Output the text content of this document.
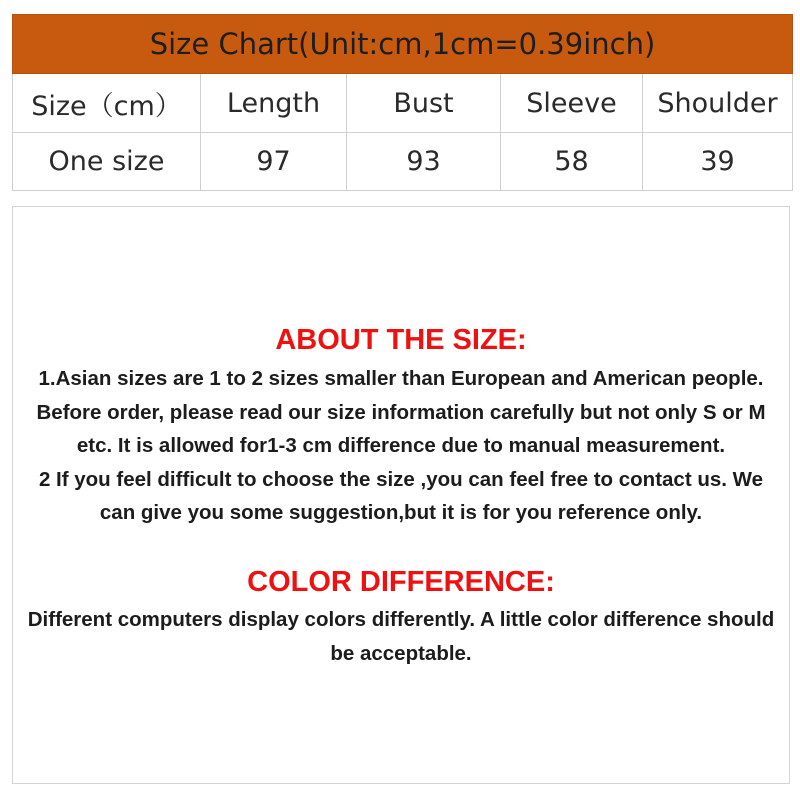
Size Chart(Unit:cm,1cm=0.39inch)				
Size（cm）	Length	Bust	Sleeve	Shoulder
One size	97	93	58	39
ABOUT THE SIZE:
1.Asian sizes are 1 to 2 sizes smaller than European and American people.
Before order, please read our size information carefully but not only S or M
etc. It is allowed for1-3 cm difference due to manual measurement.
2 If you feel difficult to choose the size ,you can feel free to contact us. We
can give you some suggestion,but it is for you reference only.
COLOR DIFFERENCE:
Different computers display colors differently. A little color difference should
be acceptable.
